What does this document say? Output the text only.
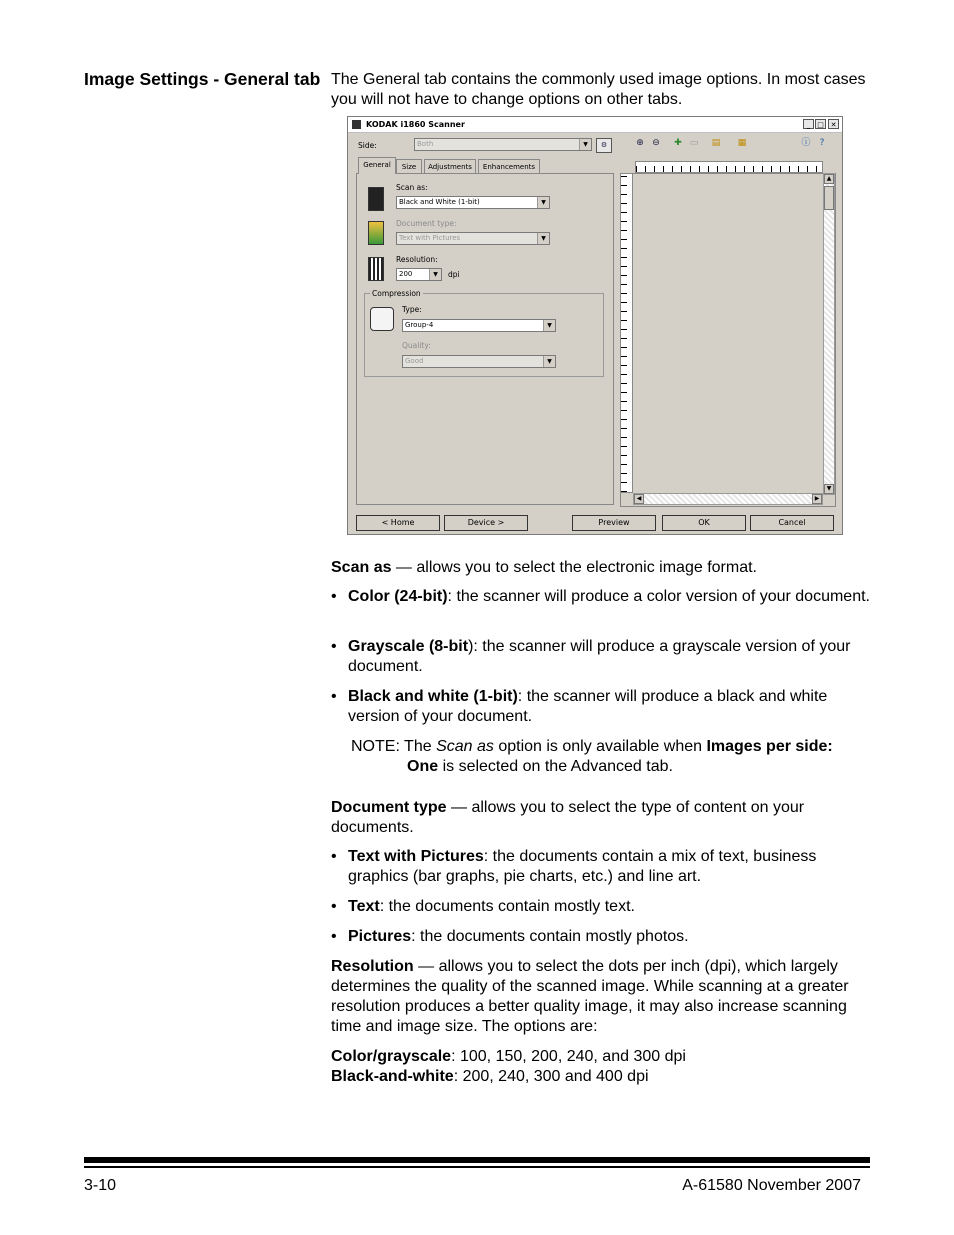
Image Settings - General tab The General tab contains the commonly used image options. In most cases you will not have to change options on other tabs.
KODAK i1860 Scanner	_ □ ✕
Side:	Both	▼	⚙	⊕ ⊖ ✚ ▭ ▤ ▦	ⓘ	?
General	Size	Adjustments	Enhancements
Scan as:
Black and White (1-bit)	▼
Document type:
Text with Pictures	▼
Resolution:
200	▼	dpi
Compression
Type:
Group-4	▼
Quality:
Good	▼
▲
▼
◀	▶
< Home	Device >	Preview	OK	Cancel
Scan as — allows you to select the electronic image format.
• Color (24-bit): the scanner will produce a color version of your document.
• Grayscale (8-bit): the scanner will produce a grayscale version of your document.
• Black and white (1-bit): the scanner will produce a black and white version of your document.
NOTE: The Scan as option is only available when Images per side:
One is selected on the Advanced tab.
Document type — allows you to select the type of content on your documents.
• Text with Pictures: the documents contain a mix of text, business graphics (bar graphs, pie charts, etc.) and line art.
• Text: the documents contain mostly text.
• Pictures: the documents contain mostly photos.
Resolution — allows you to select the dots per inch (dpi), which largely determines the quality of the scanned image. While scanning at a greater resolution produces a better quality image, it may also increase scanning time and image size. The options are:
Color/grayscale: 100, 150, 200, 240, and 300 dpi
Black-and-white: 200, 240, 300 and 400 dpi
3-10	A-61580 November 2007
